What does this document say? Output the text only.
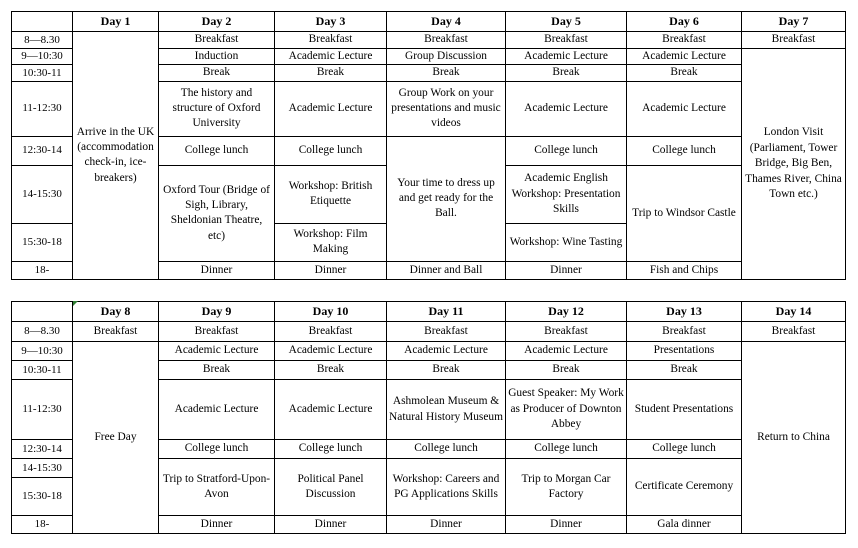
	Day 1	Day 2	Day 3	Day 4	Day 5	Day 6	Day 7
8—8.30	Arrive in the UK (accommodation check-in, ice-breakers)	Breakfast	Breakfast	Breakfast	Breakfast	Breakfast	Breakfast
9—10:30		Induction	Academic Lecture	Group Discussion	Academic Lecture	Academic Lecture	London Visit (Parliament, Tower Bridge, Big Ben, Thames River, China Town etc.)
10:30-11		Break	Break	Break	Break	Break	
11-12:30		The history and structure of Oxford University	Academic Lecture	Group Work on your presentations and music videos	Academic Lecture	Academic Lecture	
12:30-14		College lunch	College lunch	Your time to dress up and get ready for the Ball.	College lunch	College lunch	
14-15:30		Oxford Tour (Bridge of Sigh, Library, Sheldonian Theatre, etc)	Workshop: British Etiquette		Academic English Workshop: Presentation Skills	Trip to Windsor Castle	
15:30-18			Workshop: Film Making		Workshop: Wine Tasting		
18-		Dinner	Dinner	Dinner and Ball	Dinner	Fish and Chips	
	Day 8	Day 9	Day 10	Day 11	Day 12	Day 13	Day 14
8—8.30	Breakfast	Breakfast	Breakfast	Breakfast	Breakfast	Breakfast	Breakfast
9—10:30	Free Day	Academic Lecture	Academic Lecture	Academic Lecture	Academic Lecture	Presentations	Return to China
10:30-11		Break	Break	Break	Break	Break	
11-12:30		Academic Lecture	Academic Lecture	Ashmolean Museum & Natural History Museum	Guest Speaker: My Work as Producer of Downton Abbey	Student Presentations	
12:30-14		College lunch	College lunch	College lunch	College lunch	College lunch	
14-15:30		Trip to Stratford-Upon-Avon	Political Panel Discussion	Workshop: Careers and PG Applications Skills	Trip to Morgan Car Factory	Certificate Ceremony	
15:30-18							
18-		Dinner	Dinner	Dinner	Dinner	Gala dinner	
